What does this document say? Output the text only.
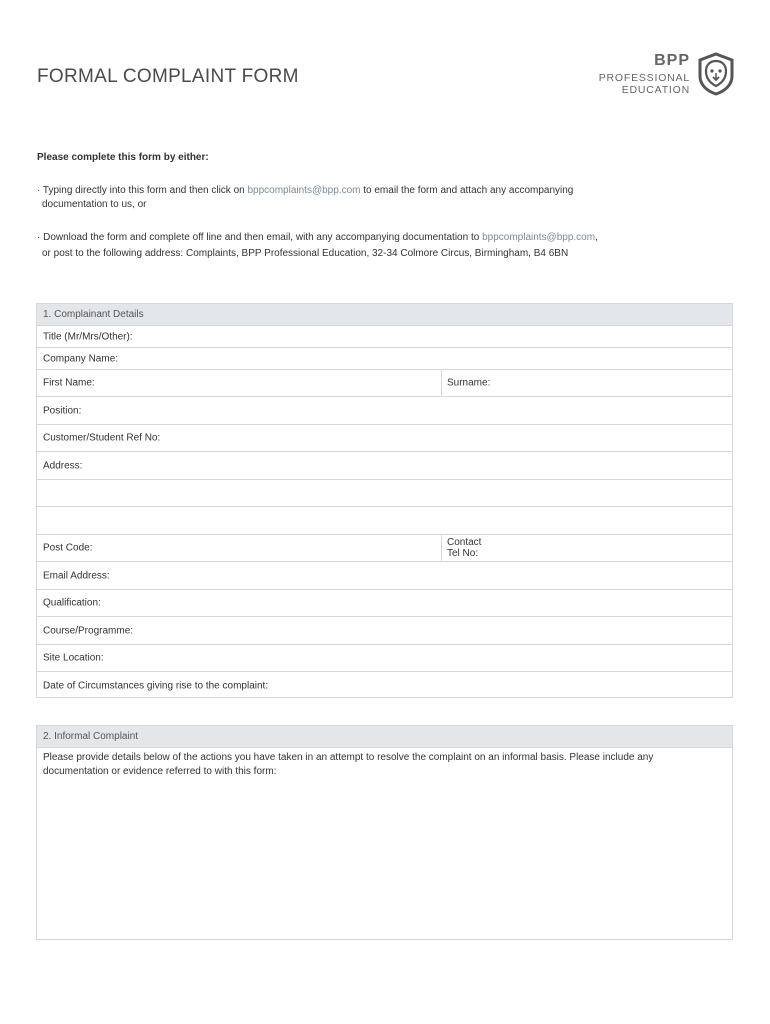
FORMAL COMPLAINT FORM
BPP
PROFESSIONAL
EDUCATION
Please complete this form by either:
· Typing directly into this form and then click on bppcomplaints@bpp.com to email the form and attach any accompanying
documentation to us, or
· Download the form and complete off line and then email, with any accompanying documentation to bppcomplaints@bpp.com,
or post to the following address: Complaints, BPP Professional Education, 32-34 Colmore Circus, Birmingham, B4 6BN
1. Complainant Details
Title (Mr/Mrs/Other):
Company Name:
First Name:	Surname:
Position:
Customer/Student Ref No:
Address:
Post Code:	Contact Tel No:
Email Address:
Qualification:
Course/Programme:
Site Location:
Date of Circumstances giving rise to the complaint:
2. Informal Complaint
Please provide details below of the actions you have taken in an attempt to resolve the complaint on an informal basis. Please include any
documentation or evidence referred to with this form:
